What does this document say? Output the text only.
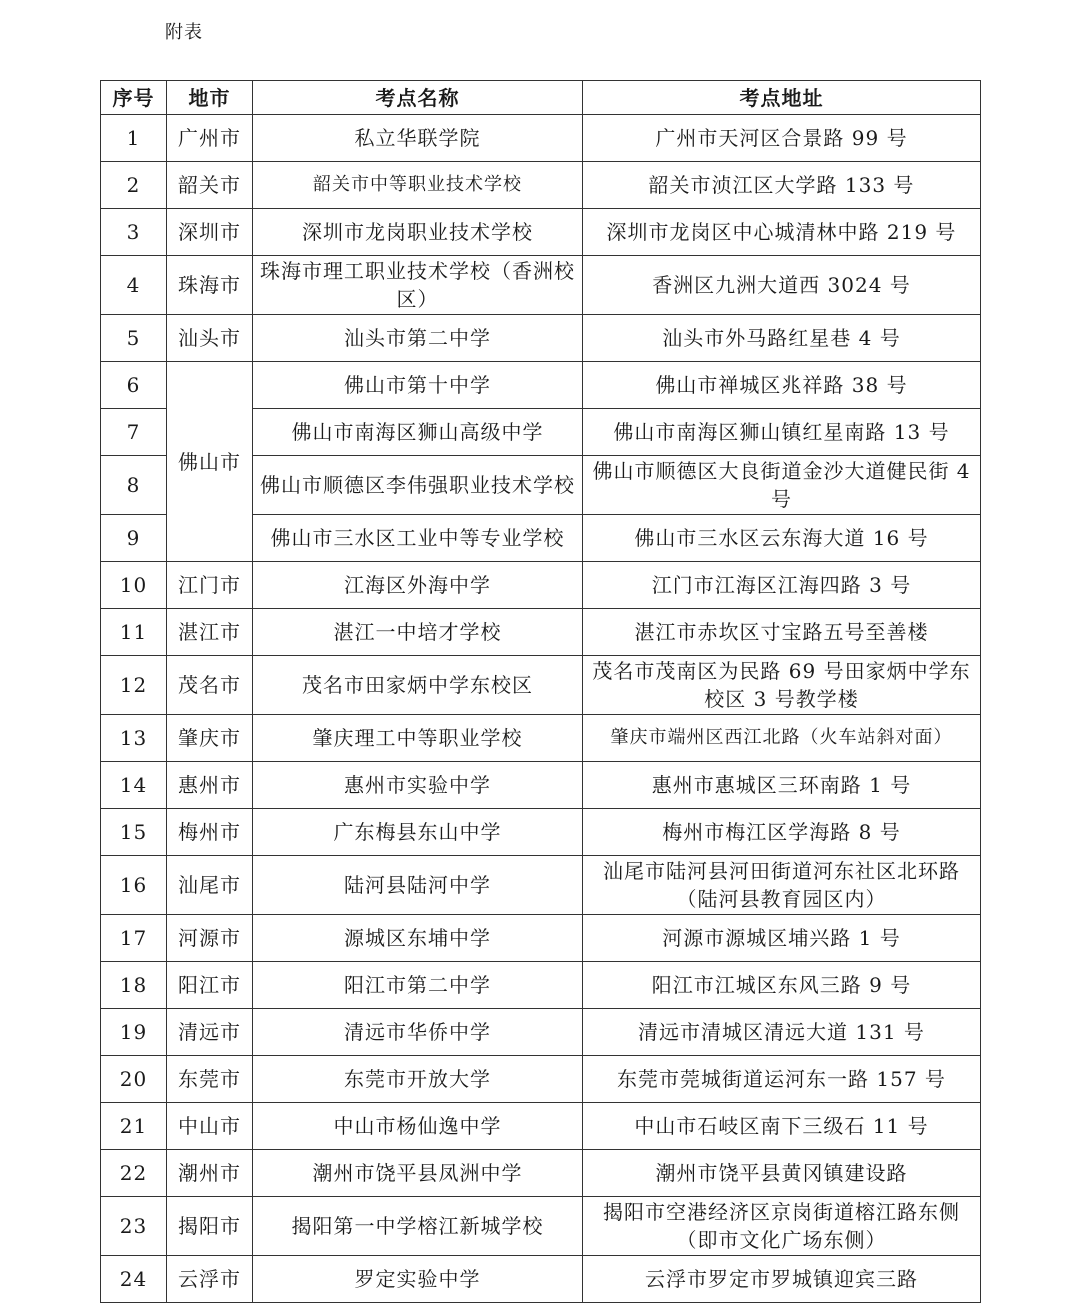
附表
序号	地市	考点名称	考点地址
1	广州市	私立华联学院	广州市天河区合景路 99 号
2	韶关市	韶关市中等职业技术学校	韶关市浈江区大学路 133 号
3	深圳市	深圳市龙岗职业技术学校	深圳市龙岗区中心城清林中路 219 号
4	珠海市	珠海市理工职业技术学校（香洲校区）	香洲区九洲大道西 3024 号
5	汕头市	汕头市第二中学	汕头市外马路红星巷 4 号
6	佛山市	佛山市第十中学	佛山市禅城区兆祥路 38 号
7		佛山市南海区狮山高级中学	佛山市南海区狮山镇红星南路 13 号
8		佛山市顺德区李伟强职业技术学校	佛山市顺德区大良街道金沙大道健民街 4 号
9		佛山市三水区工业中等专业学校	佛山市三水区云东海大道 16 号
10	江门市	江海区外海中学	江门市江海区江海四路 3 号
11	湛江市	湛江一中培才学校	湛江市赤坎区寸宝路五号至善楼
12	茂名市	茂名市田家炳中学东校区	茂名市茂南区为民路 69 号田家炳中学东校区 3 号教学楼
13	肇庆市	肇庆理工中等职业学校	肇庆市端州区西江北路（火车站斜对面）
14	惠州市	惠州市实验中学	惠州市惠城区三环南路 1 号
15	梅州市	广东梅县东山中学	梅州市梅江区学海路 8 号
16	汕尾市	陆河县陆河中学	汕尾市陆河县河田街道河东社区北环路（陆河县教育园区内）
17	河源市	源城区东埔中学	河源市源城区埔兴路 1 号
18	阳江市	阳江市第二中学	阳江市江城区东风三路 9 号
19	清远市	清远市华侨中学	清远市清城区清远大道 131 号
20	东莞市	东莞市开放大学	东莞市莞城街道运河东一路 157 号
21	中山市	中山市杨仙逸中学	中山市石岐区南下三级石 11 号
22	潮州市	潮州市饶平县凤洲中学	潮州市饶平县黄冈镇建设路
23	揭阳市	揭阳第一中学榕江新城学校	揭阳市空港经济区京岗街道榕江路东侧（即市文化广场东侧）
24	云浮市	罗定实验中学	云浮市罗定市罗城镇迎宾三路
